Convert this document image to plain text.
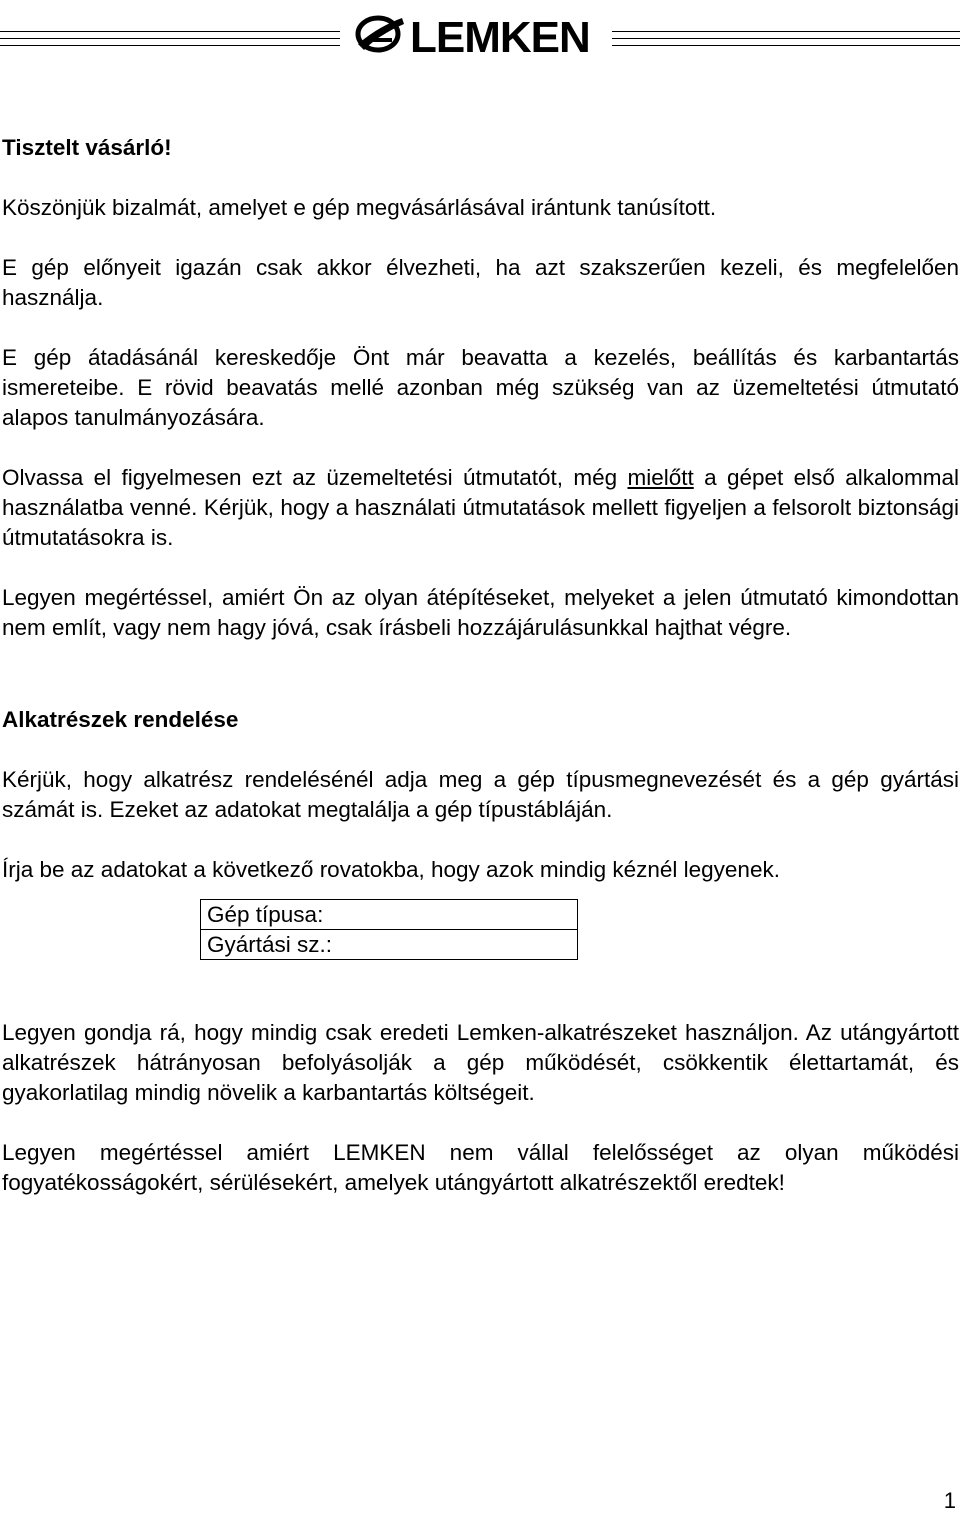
LEMKEN

Tisztelt vásárló!

Köszönjük bizalmát, amelyet e gép megvásárlásával irántunk tanúsított.

E gép előnyeit igazán csak akkor élvezheti, ha azt szakszerűen kezeli, és megfelelően használja.

E gép átadásánál kereskedője Önt már beavatta a kezelés, beállítás és karbantartás ismereteibe. E rövid beavatás mellé azonban még szükség van az üzemeltetési útmutató alapos tanulmányozására.

Olvassa el figyelmesen ezt az üzemeltetési útmutatót, még mielőtt a gépet első alkalommal használatba venné. Kérjük, hogy a használati útmutatások mellett figyeljen a felsorolt biztonsági útmutatásokra is.

Legyen megértéssel, amiért Ön az olyan átépítéseket, melyeket a jelen útmutató kimondottan nem említ, vagy nem hagy jóvá, csak írásbeli hozzájárulásunkkal hajthat végre.

Alkatrészek rendelése

Kérjük, hogy alkatrész rendelésénél adja meg a gép típusmegnevezését és a gép gyártási számát is. Ezeket az adatokat megtalálja a gép típustábláján.

Írja be az adatokat a következő rovatokba, hogy azok mindig kéznél legyenek.

Gép típusa:
Gyártási sz.:

Legyen gondja rá, hogy mindig csak eredeti Lemken-alkatrészeket használjon. Az utángyártott alkatrészek hátrányosan befolyásolják a gép működését, csökkentik élettartamát, és gyakorlatilag mindig növelik a karbantartás költségeit.

Legyen megértéssel amiért LEMKEN nem vállal felelősséget az olyan működési fogyatékosságokért, sérülésekért, amelyek utángyártott alkatrészektől eredtek!

1
